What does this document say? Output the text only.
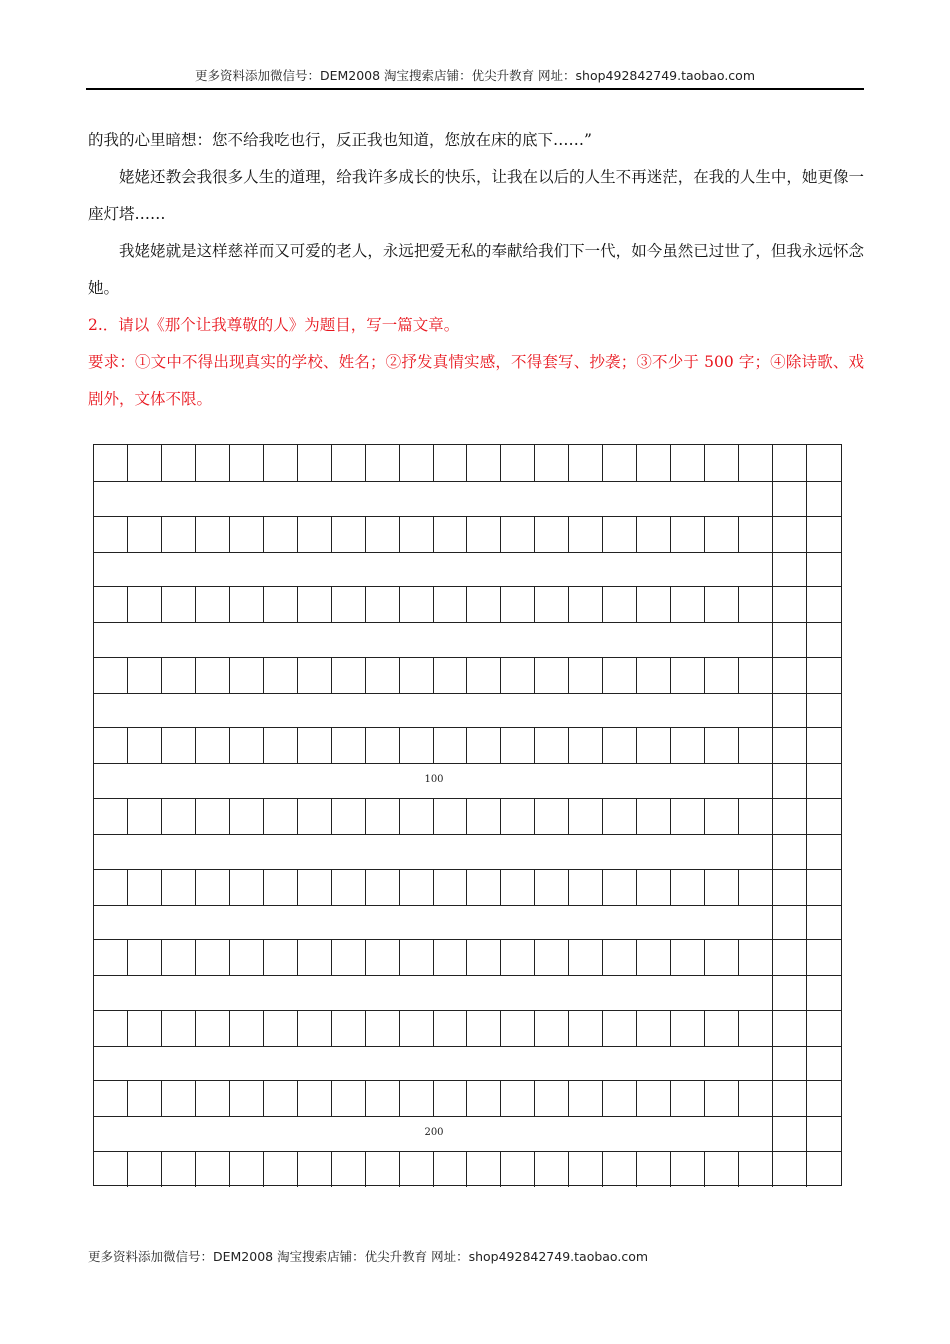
更多资料添加微信号：DEM2008 淘宝搜索店铺：优尖升教育 网址：shop492842749.taobao.com

的我的心里暗想：您不给我吃也行，反正我也知道，您放在床的底下……”

姥姥还教会我很多人生的道理，给我许多成长的快乐，让我在以后的人生不再迷茫，在我的人生中，她更像一座灯塔……

我姥姥就是这样慈祥而又可爱的老人，永远把爱无私的奉献给我们下一代，如今虽然已过世了，但我永远怀念她。

2.．请以《那个让我尊敬的人》为题目，写一篇文章。

要求：①文中不得出现真实的学校、姓名；②抒发真情实感，不得套写、抄袭；③不少于 500 字；④除诗歌、戏剧外，文体不限。

100
200
更多资料添加微信号：DEM2008 淘宝搜索店铺：优尖升教育 网址：shop492842749.taobao.com
